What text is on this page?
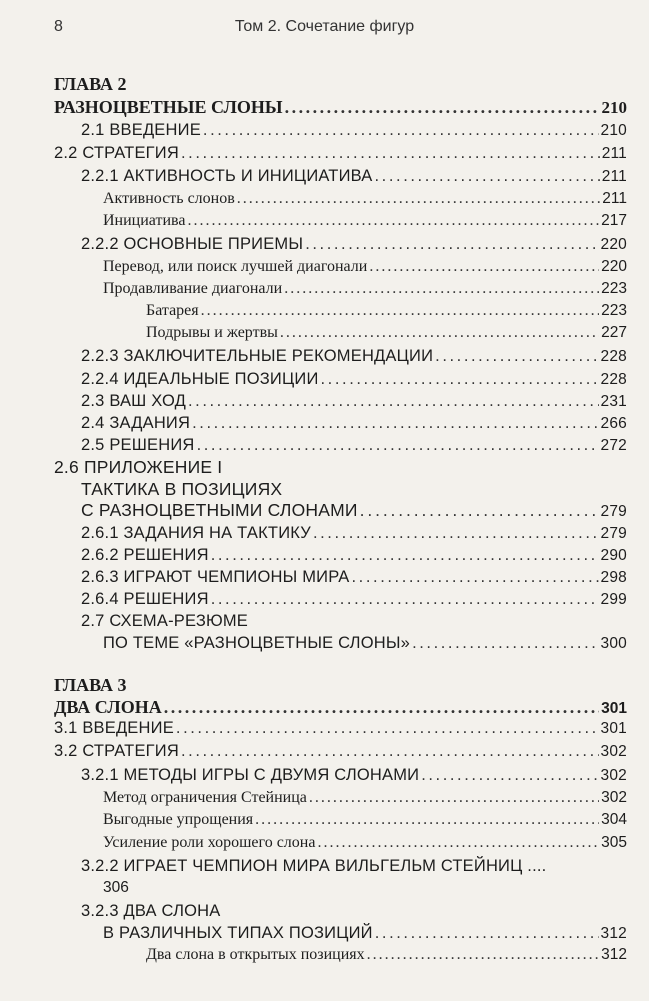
8	Том 2. Сочетание фигур
ГЛАВА 2
РАЗНОЦВЕТНЫЕ СЛОНЫ . . .	210
2.1 ВВЕДЕНИЕ . . .	210
2.2 СТРАТЕГИЯ . . .	211
2.2.1 АКТИВНОСТЬ И ИНИЦИАТИВА . . .	211
Активность слонов . . .	211
Инициатива . . .	217
2.2.2 ОСНОВНЫЕ ПРИЕМЫ . . .	220
Перевод, или поиск лучшей диагонали . . .	220
Продавливание диагонали . . .	223
Батарея . . .	223
Подрывы и жертвы . . .	227
2.2.3 ЗАКЛЮЧИТЕЛЬНЫЕ РЕКОМЕНДАЦИИ . . .	228
2.2.4 ИДЕАЛЬНЫЕ ПОЗИЦИИ . . .	228
2.3 ВАШ ХОД . . .	231
2.4 ЗАДАНИЯ . . .	266
2.5 РЕШЕНИЯ . . .	272
2.6 ПРИЛОЖЕНИЕ I
ТАКТИКА В ПОЗИЦИЯХ
С РАЗНОЦВЕТНЫМИ СЛОНАМИ . . .	279
2.6.1 ЗАДАНИЯ НА ТАКТИКУ . . .	279
2.6.2 РЕШЕНИЯ . . .	290
2.6.3 ИГРАЮТ ЧЕМПИОНЫ МИРА . . .	298
2.6.4 РЕШЕНИЯ . . .	299
2.7 СХЕМА-РЕЗЮМЕ
ПО ТЕМЕ «РАЗНОЦВЕТНЫЕ СЛОНЫ» . . .	300
ГЛАВА 3
ДВА СЛОНА . . .	301
3.1 ВВЕДЕНИЕ . . .	301
3.2 СТРАТЕГИЯ . . .	302
3.2.1 МЕТОДЫ ИГРЫ С ДВУМЯ СЛОНАМИ . . .	302
Метод ограничения Стейница . . .	302
Выгодные упрощения . . .	304
Усиление роли хорошего слона . . .	305
3.2.2 ИГРАЕТ ЧЕМПИОН МИРА ВИЛЬГЕЛЬМ СТЕЙНИЦ ....
306
3.2.3 ДВА СЛОНА
В РАЗЛИЧНЫХ ТИПАХ ПОЗИЦИЙ . . .	312
Два слона в открытых позициях . . .	312
